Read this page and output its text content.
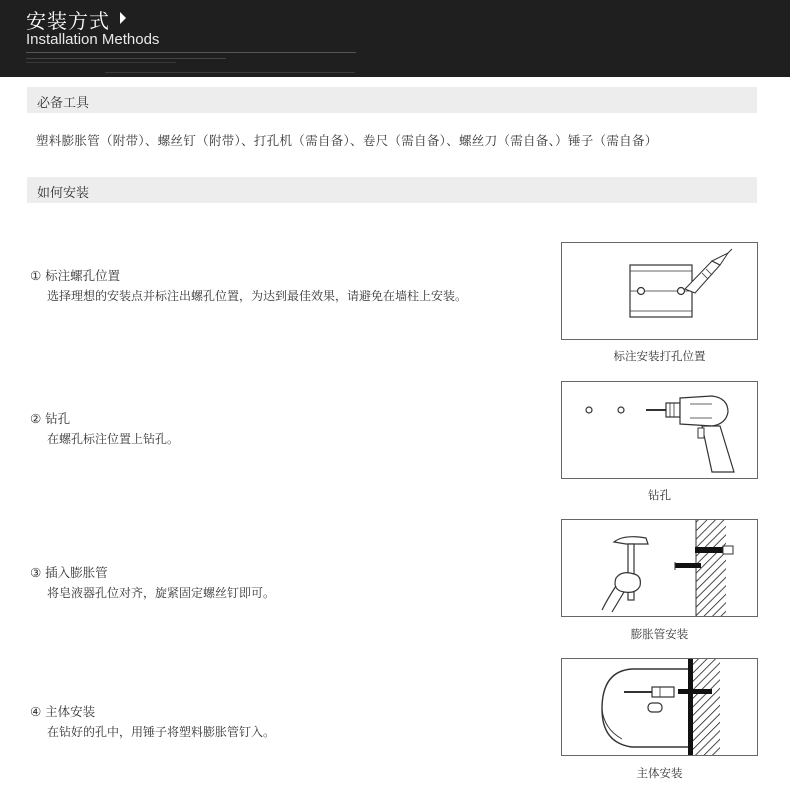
安装方式
Installation Methods
必备工具
塑料膨胀管（附带）、螺丝钉（附带）、打孔机（需自备）、卷尺（需自备）、螺丝刀（需自备、）锤子（需自备）
如何安装
① 标注螺孔位置
选择理想的安装点并标注出螺孔位置，为达到最佳效果，请避免在墙柱上安装。
标注安装打孔位置
② 钻孔
在螺孔标注位置上钻孔。
钻孔
③ 插入膨胀管
将皂液器孔位对齐，旋紧固定螺丝钉即可。
膨胀管安装
④ 主体安装
在钻好的孔中，用锤子将塑料膨胀管钉入。
主体安装
